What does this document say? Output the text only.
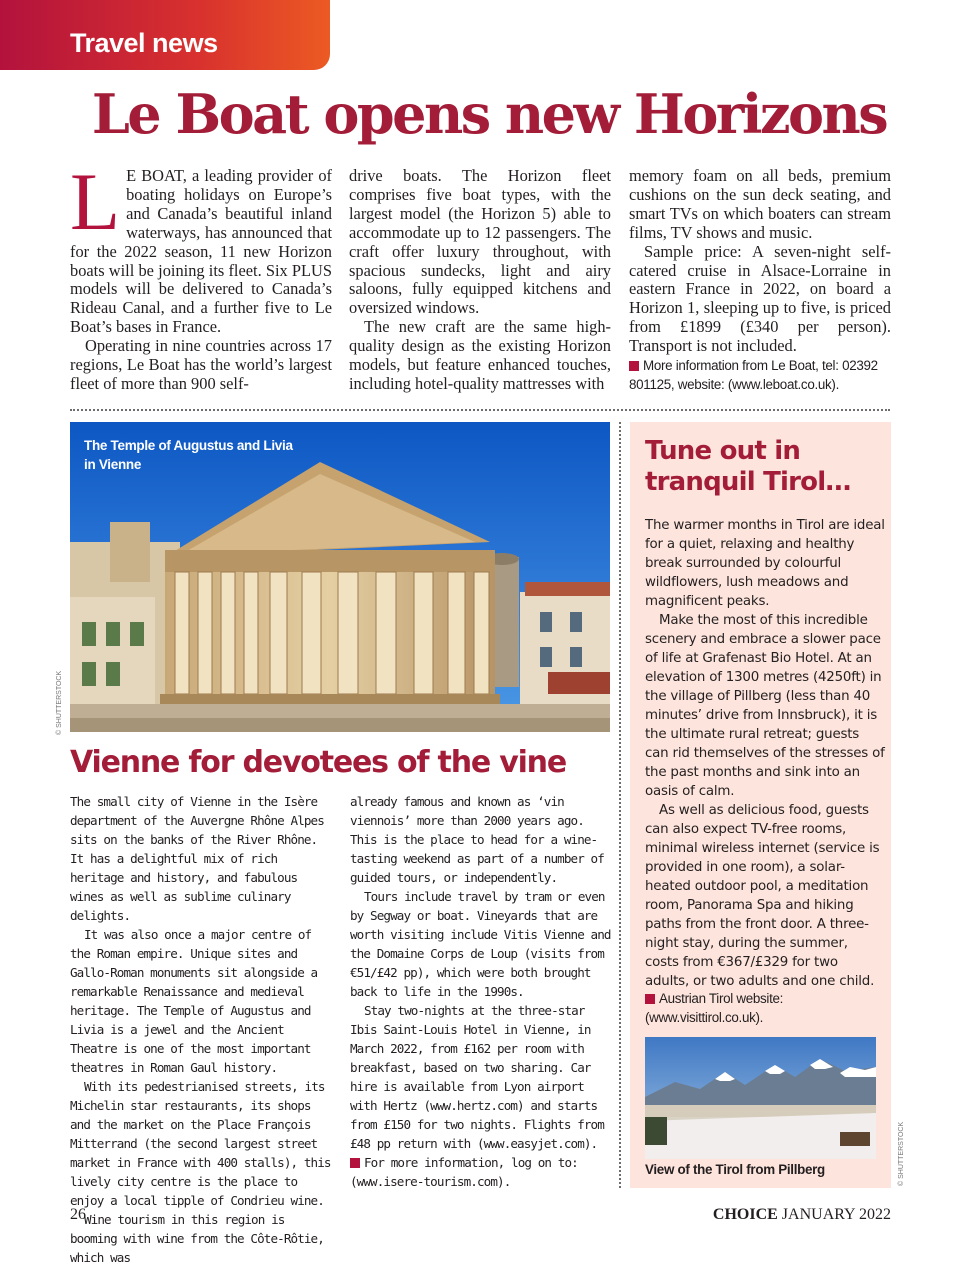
Travel news
Le Boat opens new Horizons

L E BOAT, a leading provider of boating holidays on Europe’s and Canada’s beautiful inland waterways, has announced that for the 2022 season, 11 new Horizon boats will be joining its fleet. Six PLUS models will be delivered to Canada’s Rideau Canal, and a further five to Le Boat’s bases in France.

Operating in nine countries across 17 regions, Le Boat has the world’s largest fleet of more than 900 self-

drive boats. The Horizon fleet comprises five boat types, with the largest model (the Horizon 5) able to accommodate up to 12 passengers. The craft offer luxury throughout, with spacious sundecks, light and airy saloons, fully equipped kitchens and oversized windows.

The new craft are the same high-quality design as the existing Horizon models, but feature enhanced touches, including hotel-quality mattresses with

memory foam on all beds, premium cushions on the sun deck seating, and smart TVs on which boaters can stream films, TV shows and music.

Sample price: A seven-night self-catered cruise in Alsace-Lorraine in eastern France in 2022, on board a Horizon 1, sleeping up to five, is priced from £1899 (£340 per person). Transport is not included.

More information from Le Boat, tel: 02392 801125, website: (www.leboat.co.uk).
The Temple of Augustus and Livia in Vienne
© SHUTTERSTOCK
Vienne for devotees of the vine

The small city of Vienne in the Isère department of the Auvergne Rhône Alpes sits on the banks of the River Rhône. It has a delightful mix of rich heritage and history, and fabulous wines as well as sublime culinary delights.

It was also once a major centre of the Roman empire. Unique sites and Gallo-Roman monuments sit alongside a remarkable Renaissance and medieval heritage. The Temple of Augustus and Livia is a jewel and the Ancient Theatre is one of the most important theatres in Roman Gaul history.

With its pedestrianised streets, its Michelin star restaurants, its shops and the market on the Place François Mitterrand (the second largest street market in France with 400 stalls), this lively city centre is the place to enjoy a local tipple of Condrieu wine.

Wine tourism in this region is booming with wine from the Côte-Rôtie, which was

already famous and known as ‘vin viennois’ more than 2000 years ago. This is the place to head for a wine-tasting weekend as part of a number of guided tours, or independently.

Tours include travel by tram or even by Segway or boat. Vineyards that are worth visiting include Vitis Vienne and the Domaine Corps de Loup (visits from €51/£42 pp), which were both brought back to life in the 1990s.

Stay two-nights at the three-star Ibis Saint-Louis Hotel in Vienne, in March 2022, from £162 per room with breakfast, based on two sharing. Car hire is available from Lyon airport with Hertz (www.hertz.com) and starts from £150 for two nights. Flights from £48 pp return with (www.easyjet.com).

For more information, log on to: (www.isere-tourism.com).

Tune out in tranquil Tirol…

The warmer months in Tirol are ideal for a quiet, relaxing and healthy break surrounded by colourful wildflowers, lush meadows and magnificent peaks.

Make the most of this incredible scenery and embrace a slower pace of life at Grafenast Bio Hotel. At an elevation of 1300 metres (4250ft) in the village of Pillberg (less than 40 minutes’ drive from Innsbruck), it is the ultimate rural retreat; guests can rid themselves of the stresses of the past months and sink into an oasis of calm.

As well as delicious food, guests can also expect TV-free rooms, minimal wireless internet (service is provided in one room), a solar-heated outdoor pool, a meditation room, Panorama Spa and hiking paths from the front door. A three-night stay, during the summer, costs from €367/£329 for two adults, or two adults and one child.

Austrian Tirol website: (www.visittirol.co.uk).
View of the Tirol from Pillberg	© SHUTTERSTOCK
26	CHOICE JANUARY 2022
